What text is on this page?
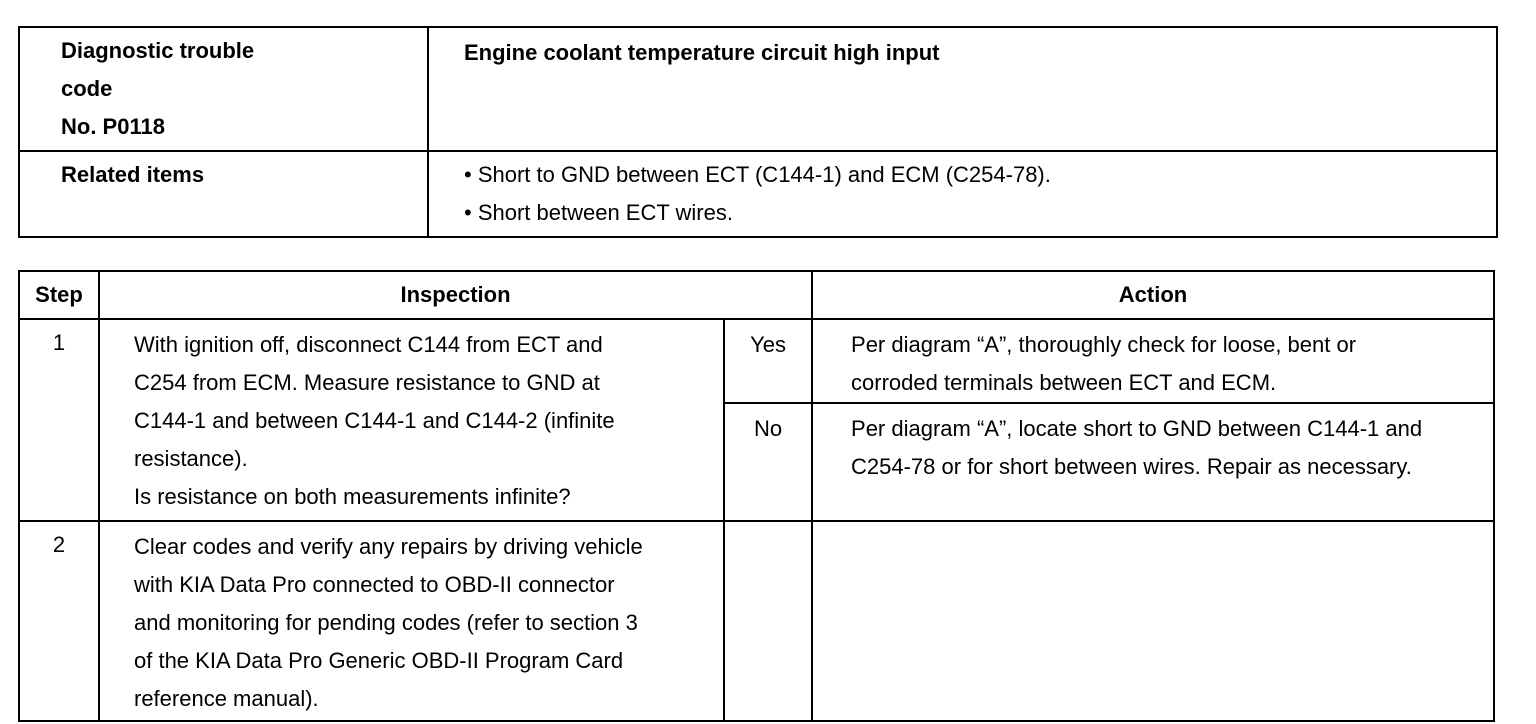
Diagnostic trouble
code
No. P0118	Engine coolant temperature circuit high input
Related items	• Short to GND between ECT (C144-1) and ECM (C254-78).
• Short between ECT wires.
Step	Inspection		Action
1	With ignition off, disconnect C144 from ECT and
C254 from ECM. Measure resistance to GND at
C144-1 and between C144-1 and C144-2 (infinite
resistance).
Is resistance on both measurements infinite?	Yes	Per diagram “A”, thoroughly check for loose, bent or
corroded terminals between ECT and ECM.

		No	Per diagram “A”, locate short to GND between C144-1 and
C254-78 or for short between wires. Repair as necessary.

2	Clear codes and verify any repairs by driving vehicle
with KIA Data Pro connected to OBD-II connector
and monitoring for pending codes (refer to section 3
of the KIA Data Pro Generic OBD-II Program Card
reference manual).		
